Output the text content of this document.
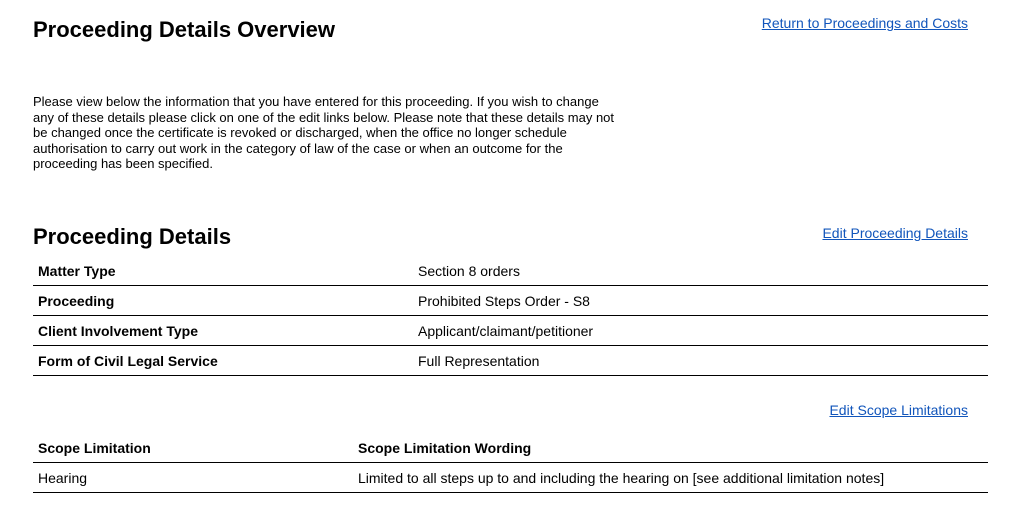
Proceeding Details Overview	Return to Proceedings and Costs

Please view below the information that you have entered for this proceeding. If you wish to change any of these details please click on one of the edit links below. Please note that these details may not be changed once the certificate is revoked or discharged, when the office no longer schedule authorisation to carry out work in the category of law of the case or when an outcome for the proceeding has been specified.

Proceeding Details	Edit Proceeding Details
Matter Type	Section 8 orders
Proceeding	Prohibited Steps Order - S8
Client Involvement Type	Applicant/claimant/petitioner
Form of Civil Legal Service	Full Representation
Edit Scope Limitations
Scope Limitation	Scope Limitation Wording
Hearing	Limited to all steps up to and including the hearing on [see additional limitation notes]
